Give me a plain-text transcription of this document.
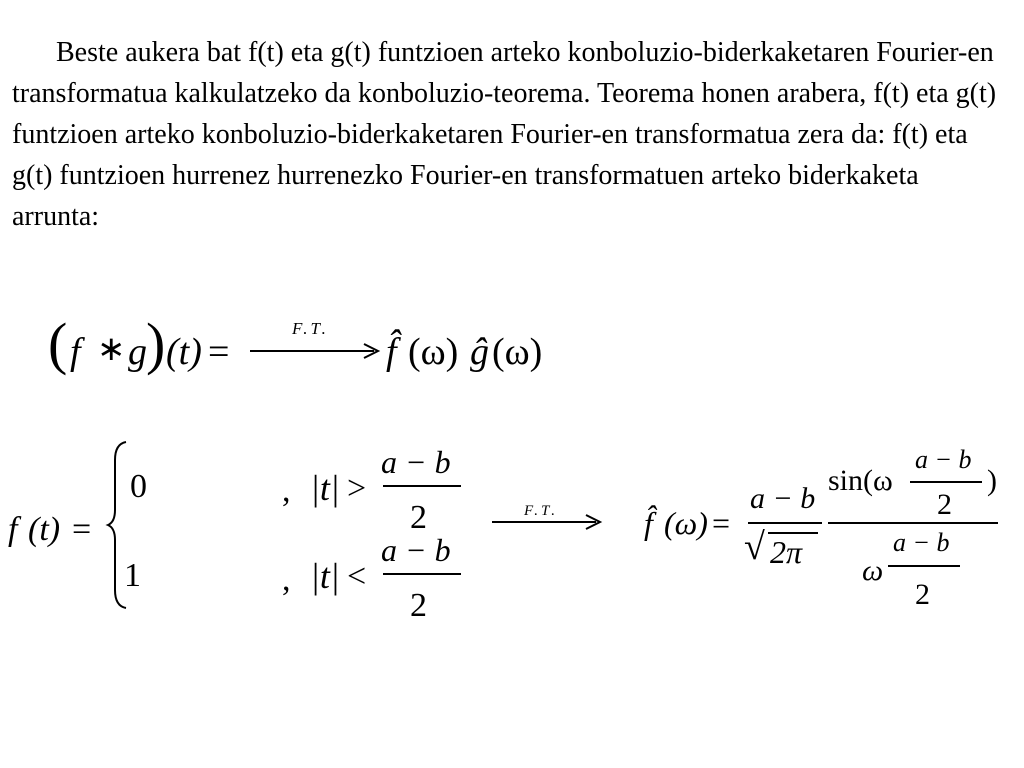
Beste aukera bat f(t) eta g(t) funtzioen arteko konboluzio-biderkaketaren Fourier-en transformatua kalkulatzeko da konboluzio-teorema. Teorema honen arabera, f(t) eta g(t) funtzioen arteko konboluzio-biderkaketaren Fourier-en transformatua zera da: f(t) eta g(t) funtzioen hurrenez hurrenezko Fourier-en transformatuen arteko biderkaketa arrunta:

( f ∗ g ) (t) =
F.T.
f̂ (ω) ĝ (ω)
f (t) =
0	, |t| >
a − b
2
1	, |t| <
a − b
2
F.T.	f̂ (ω) =
a − b
√ 2π
sin(ω
a − b
2
)
ω
a − b
2
